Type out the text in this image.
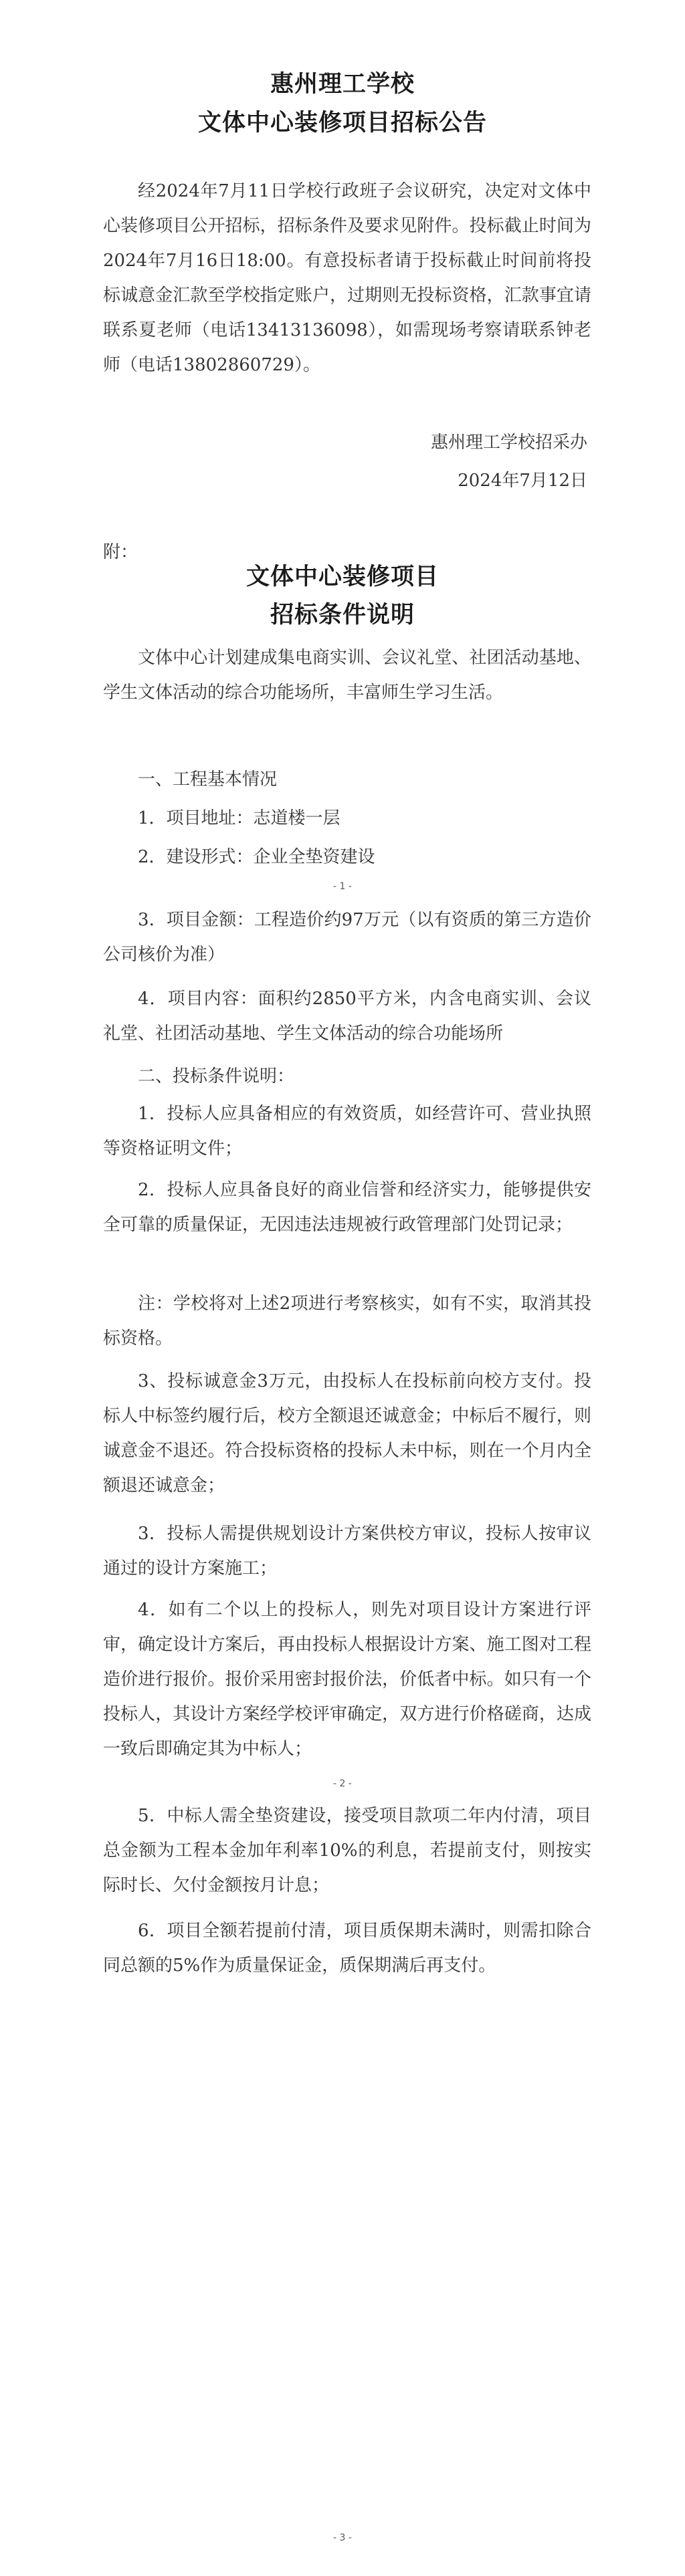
惠州理工学校
文体中心装修项目招标公告
经2024年7月11日学校行政班子会议研究，决定对文体中心装修项目公开招标，招标条件及要求见附件。投标截止时间为2024年7月16日18:00。有意投标者请于投标截止时间前将投标诚意金汇款至学校指定账户，过期则无投标资格，汇款事宜请联系夏老师（电话13413136098），如需现场考察请联系钟老师（电话13802860729）。
惠州理工学校招采办
2024年7月12日
附：
文体中心装修项目
招标条件说明
文体中心计划建成集电商实训、会议礼堂、社团活动基地、学生文体活动的综合功能场所，丰富师生学习生活。
一、工程基本情况
1．项目地址：志道楼一层
2．建设形式：企业全垫资建设
- 1 -
3．项目金额：工程造价约97万元（以有资质的第三方造价公司核价为准）
4．项目内容：面积约2850平方米，内含电商实训、会议礼堂、社团活动基地、学生文体活动的综合功能场所
二、投标条件说明：
1．投标人应具备相应的有效资质，如经营许可、营业执照等资格证明文件；
2．投标人应具备良好的商业信誉和经济实力，能够提供安全可靠的质量保证，无因违法违规被行政管理部门处罚记录；
注：学校将对上述2项进行考察核实，如有不实，取消其投标资格。
3、投标诚意金3万元，由投标人在投标前向校方支付。投标人中标签约履行后，校方全额退还诚意金；中标后不履行，则诚意金不退还。符合投标资格的投标人未中标，则在一个月内全额退还诚意金；
3．投标人需提供规划设计方案供校方审议，投标人按审议通过的设计方案施工；
4．如有二个以上的投标人，则先对项目设计方案进行评审，确定设计方案后，再由投标人根据设计方案、施工图对工程造价进行报价。报价采用密封报价法，价低者中标。如只有一个投标人，其设计方案经学校评审确定，双方进行价格磋商，达成一致后即确定其为中标人；
- 2 -
5．中标人需全垫资建设，接受项目款项二年内付清，项目总金额为工程本金加年利率10%的利息，若提前支付，则按实际时长、欠付金额按月计息；
6．项目全额若提前付清，项目质保期未满时，则需扣除合同总额的5%作为质量保证金，质保期满后再支付。
- 3 -
